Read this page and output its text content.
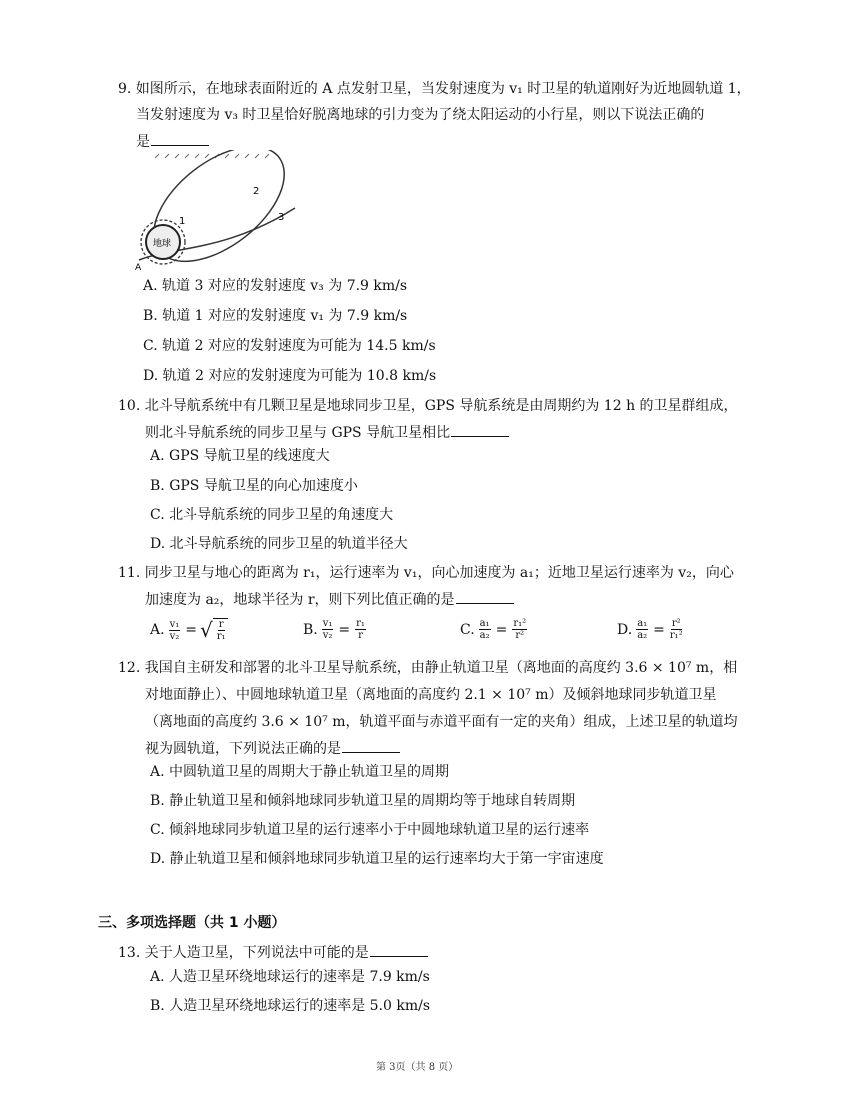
9. 如图所示，在地球表面附近的 A 点发射卫星，当发射速度为 v₁ 时卫星的轨道刚好为近地圆轨道 1，
当发射速度为 v₃ 时卫星恰好脱离地球的引力变为了绕太阳运动的小行星，则以下说法正确的
是
地球
A
1
2
3
A. 轨道 3 对应的发射速度 v₃ 为 7.9 km/s
B. 轨道 1 对应的发射速度 v₁ 为 7.9 km/s
C. 轨道 2 对应的发射速度为可能为 14.5 km/s
D. 轨道 2 对应的发射速度为可能为 10.8 km/s
10. 北斗导航系统中有几颗卫星是地球同步卫星，GPS 导航系统是由周期约为 12 h 的卫星群组成，
则北斗导航系统的同步卫星与 GPS 导航卫星相比
A. GPS 导航卫星的线速度大
B. GPS 导航卫星的向心加速度小
C. 北斗导航系统的同步卫星的角速度大
D. 北斗导航系统的同步卫星的轨道半径大
11. 同步卫星与地心的距离为 r₁，运行速率为 v₁，向心加速度为 a₁；近地卫星运行速率为 v₂，向心
加速度为 a₂，地球半径为 r，则下列比值正确的是
A. $\frac{\text{v₁}}{\text{v₂}}$ = √ $\frac{r}{\text{r₁}}$	B. $\frac{\text{v₁}}{\text{v₂}} = \frac{\text{r₁}}{r}$	C. $\frac{\text{a₁}}{\text{a₂}} = \frac{\text{r₁²}}{\text{r²}}$	D. $\frac{\text{a₁}}{\text{a₂}} = \frac{\text{r²}}{\text{r₁²}}$
12. 我国自主研发和部署的北斗卫星导航系统，由静止轨道卫星（离地面的高度约 3.6 × 10⁷ m，相
对地面静止）、中圆地球轨道卫星（离地面的高度约 2.1 × 10⁷ m）及倾斜地球同步轨道卫星
（离地面的高度约 3.6 × 10⁷ m，轨道平面与赤道平面有一定的夹角）组成，上述卫星的轨道均
视为圆轨道，下列说法正确的是
A. 中圆轨道卫星的周期大于静止轨道卫星的周期
B. 静止轨道卫星和倾斜地球同步轨道卫星的周期均等于地球自转周期
C. 倾斜地球同步轨道卫星的运行速率小于中圆地球轨道卫星的运行速率
D. 静止轨道卫星和倾斜地球同步轨道卫星的运行速率均大于第一宇宙速度
三、多项选择题（共 1 小题）
13. 关于人造卫星，下列说法中可能的是
A. 人造卫星环绕地球运行的速率是 7.9 km/s
B. 人造卫星环绕地球运行的速率是 5.0 km/s
第 3页（共 8 页）
